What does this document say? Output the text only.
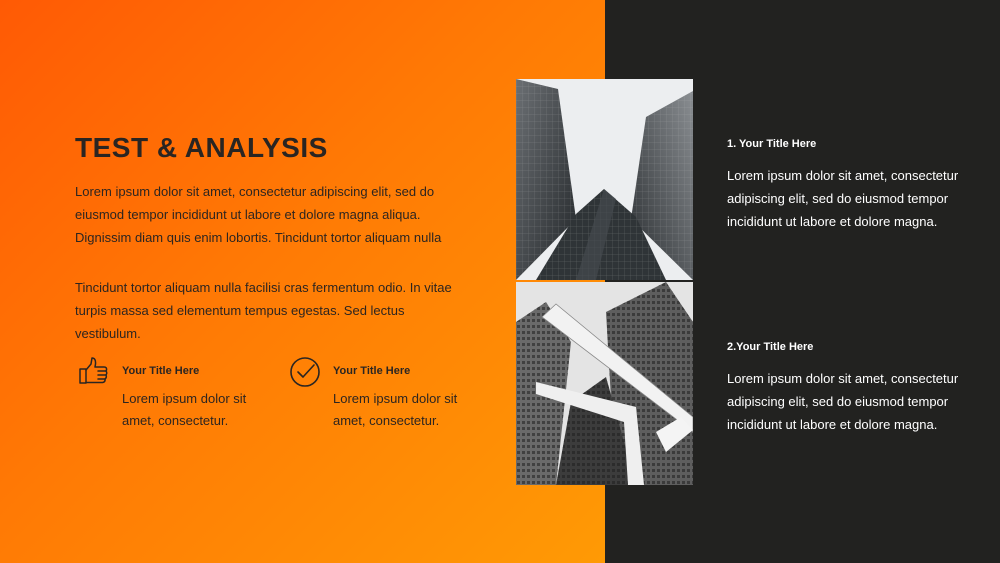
TEST & ANALYSIS
Lorem ipsum dolor sit amet, consectetur adipiscing elit, sed do eiusmod tempor incididunt ut labore et dolore magna aliqua. Dignissim diam quis enim lobortis. Tincidunt tortor aliquam nulla
Tincidunt tortor aliquam nulla facilisi cras fermentum odio. In vitae turpis massa sed elementum tempus egestas. Sed lectus vestibulum.
Your Title Here
Lorem ipsum dolor sit amet, consectetur.
Your Title Here
Lorem ipsum dolor sit amet, consectetur.
1. Your Title Here
Lorem ipsum dolor sit amet, consectetur adipiscing elit, sed do eiusmod tempor incididunt ut labore et dolore magna.
2.Your Title Here
Lorem ipsum dolor sit amet, consectetur adipiscing elit, sed do eiusmod tempor incididunt ut labore et dolore magna.
